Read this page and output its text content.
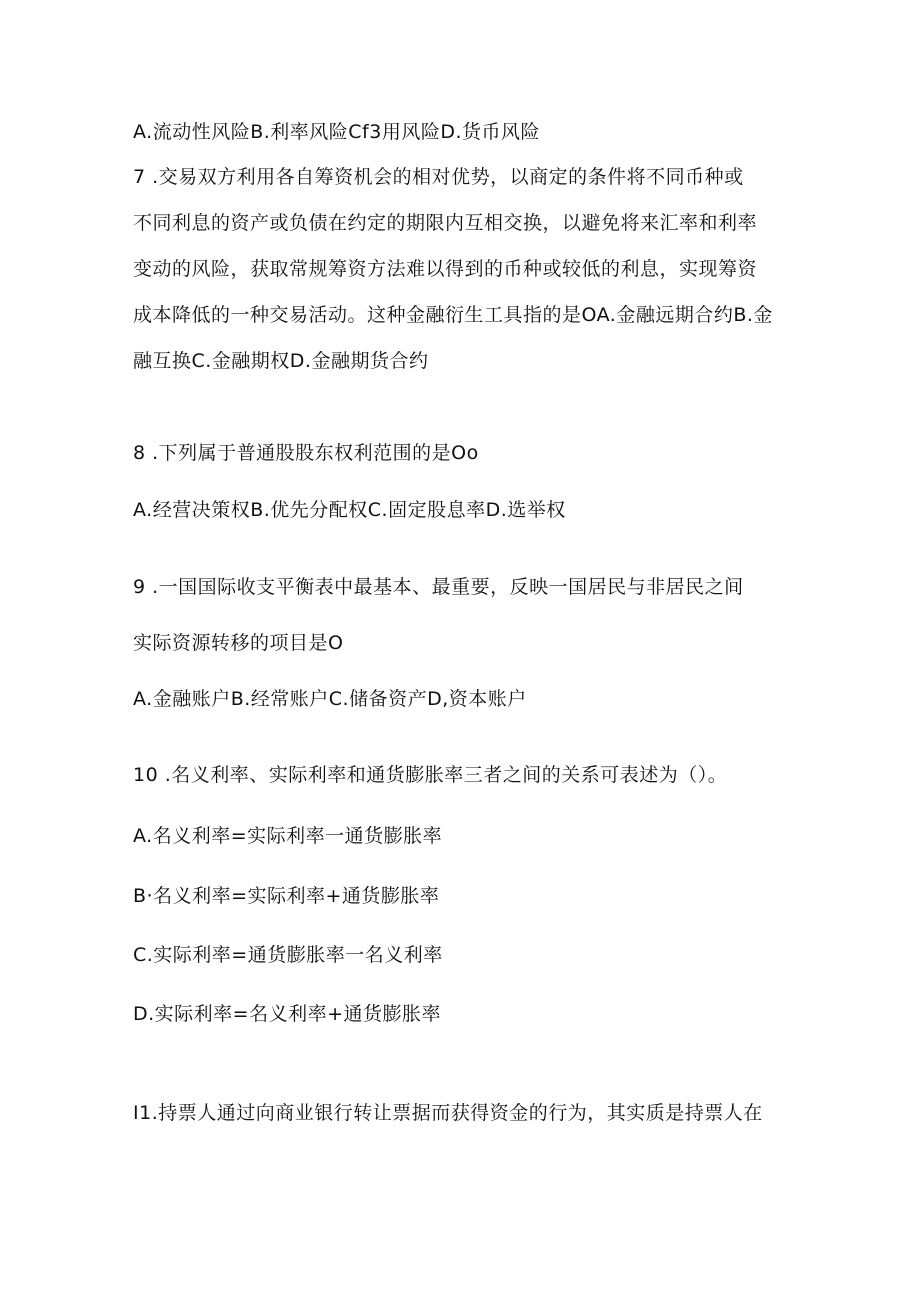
A.流动性风险B.利率风险Cf3用风险D.货币风险
7 .交易双方利用各自筹资机会的相对优势，以商定的条件将不同币种或
不同利息的资产或负债在约定的期限内互相交换，以避免将来汇率和利率
变动的风险，获取常规筹资方法难以得到的币种或较低的利息，实现筹资
成本降低的一种交易活动。这种金融衍生工具指的是OA.金融远期合约B.金
融互换C.金融期权D.金融期货合约
8 .下列属于普通股股东权利范围的是Oo
A.经营决策权B.优先分配权C.固定股息率D.选举权
9 .一国国际收支平衡表中最基本、最重要，反映一国居民与非居民之间
实际资源转移的项目是O
A.金融账户B.经常账户C.储备资产D,资本账户
10 .名义利率、实际利率和通货膨胀率三者之间的关系可表述为（）。
A.名义利率=实际利率一通货膨胀率
B·名义利率=实际利率+通货膨胀率
C.实际利率=通货膨胀率一名义利率
D.实际利率=名义利率+通货膨胀率
I1.持票人通过向商业银行转让票据而获得资金的行为，其实质是持票人在
